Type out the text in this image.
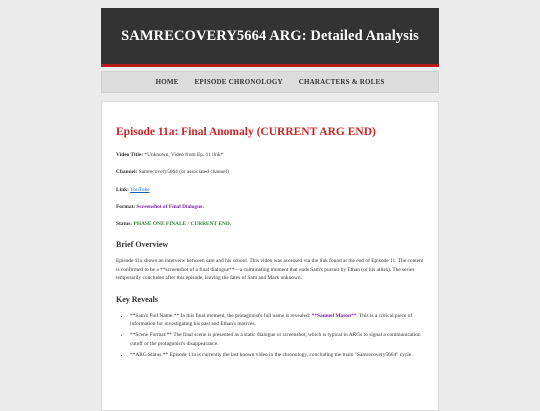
SAMRECOVERY5664 ARG: Detailed Analysis
HOME EPISODE CHRONOLOGY CHARACTERS & ROLES
Episode 11a: Final Anomaly (CURRENT ARG END)
Video Title: *Unknown, Video from Ep. 11 link*
Channel: Samrecovery5664 (or associated channel)
Link: YouTube
Format: Screenshot of Final Dialogue.
Status: PHASE ONE FINALE / CURRENT END.
Brief Overview

Episode 11a shows an interveiw between sam and his school. This video was accessed via the link found at the end of Episode 11. The content is confirmed to be a **screenshot of a final dialogue**—a culminating moment that ends Sam's pursuit by Ethan (or his allies). The series temporarily concludes after this episode, leaving the fates of Sam and Mark unknown.

Key Reveals
• **Sam's Full Name:** In this final moment, the protagonist's full name is revealed: **Samuel Mason**. This is a critical piece of information for investigating his past and Ethan's motives.
• **Scene Format:** The final scene is presented as a static dialogue or screenshot, which is typical in ARGs to signal a communication cutoff or the protagonist's disappearance.
• **ARG Status:** Episode 11a is currently the last known video in the chronology, concluding the main "Samrecovery5664" cycle.
